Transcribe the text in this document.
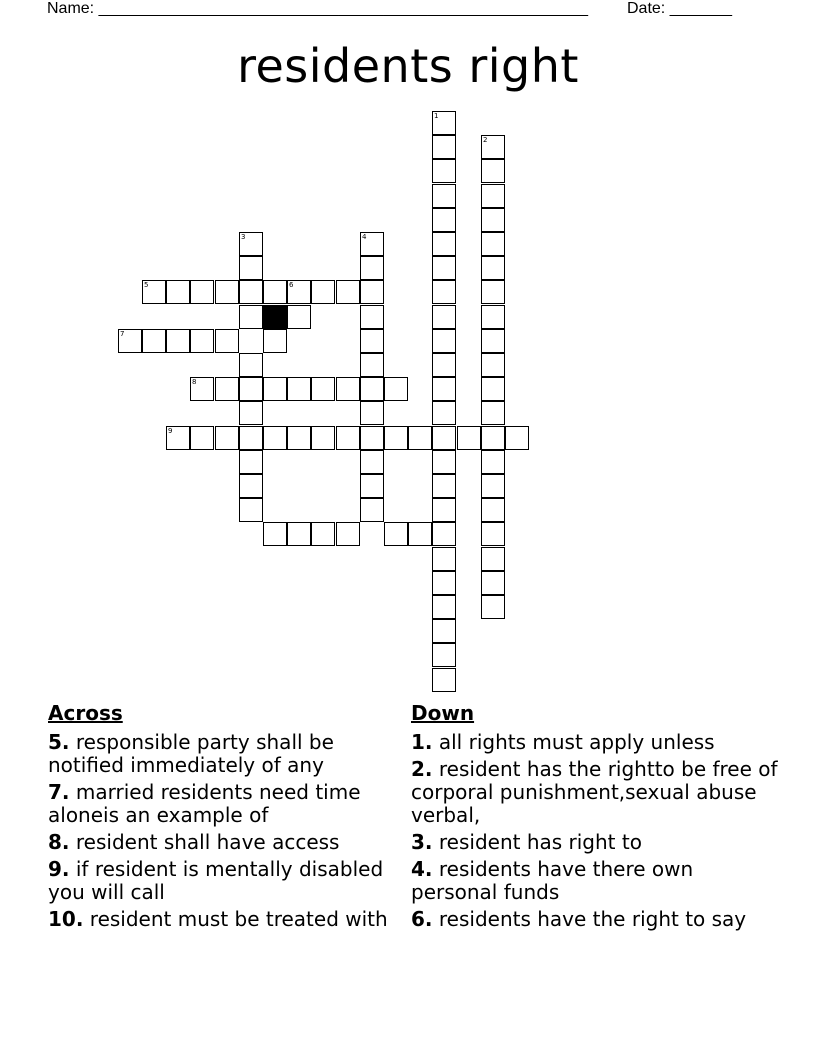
Name: _______________________________________________________ Date: _______
residents right
1
2
3	4
5	6
7
8
9
Across
5. responsible party shall be notified immediately of any
7. married residents need time aloneis an example of
8. resident shall have access
9. if resident is mentally disabled you will call
10. resident must be treated with
Down
1. all rights must apply unless
2. resident has the rightto be free of corporal punishment,sexual abuse verbal,
3. resident has right to
4. residents have there own personal funds
6. residents have the right to say
